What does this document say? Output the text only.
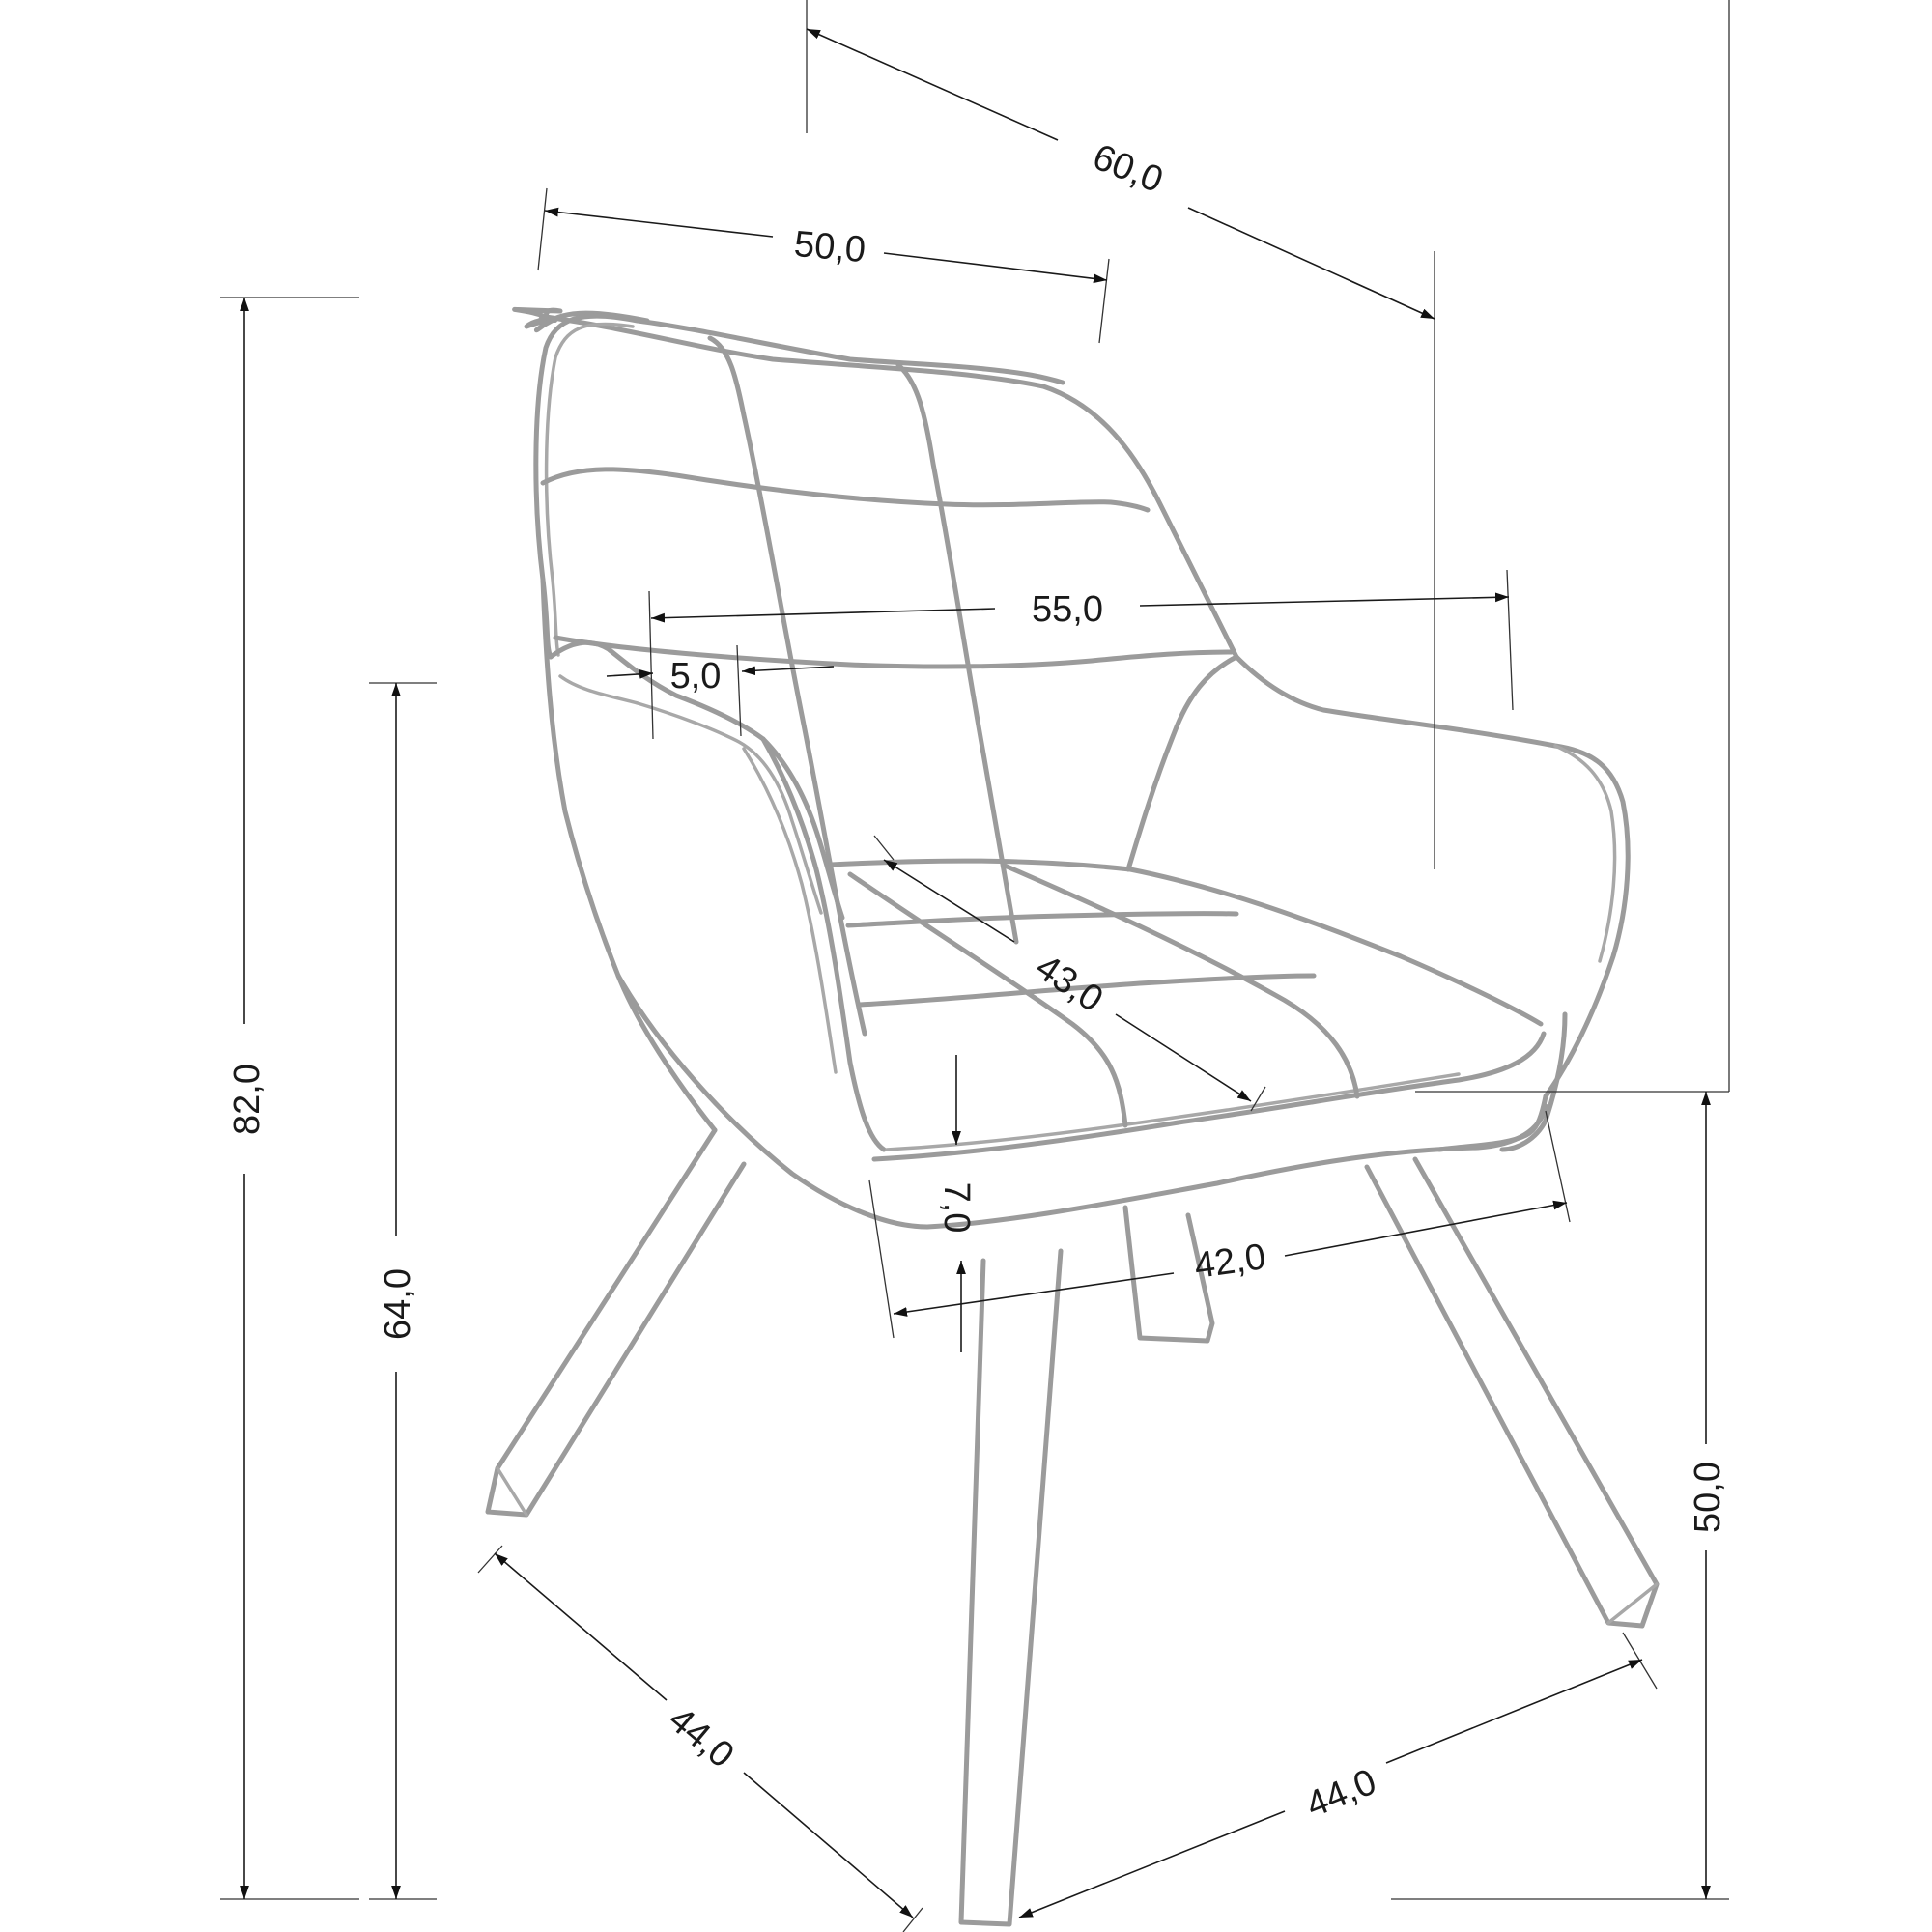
60,0
50,0
55,0
5,0
43,0
7,0
42,0
82,0
64,0
50,0
44,0
44,0
